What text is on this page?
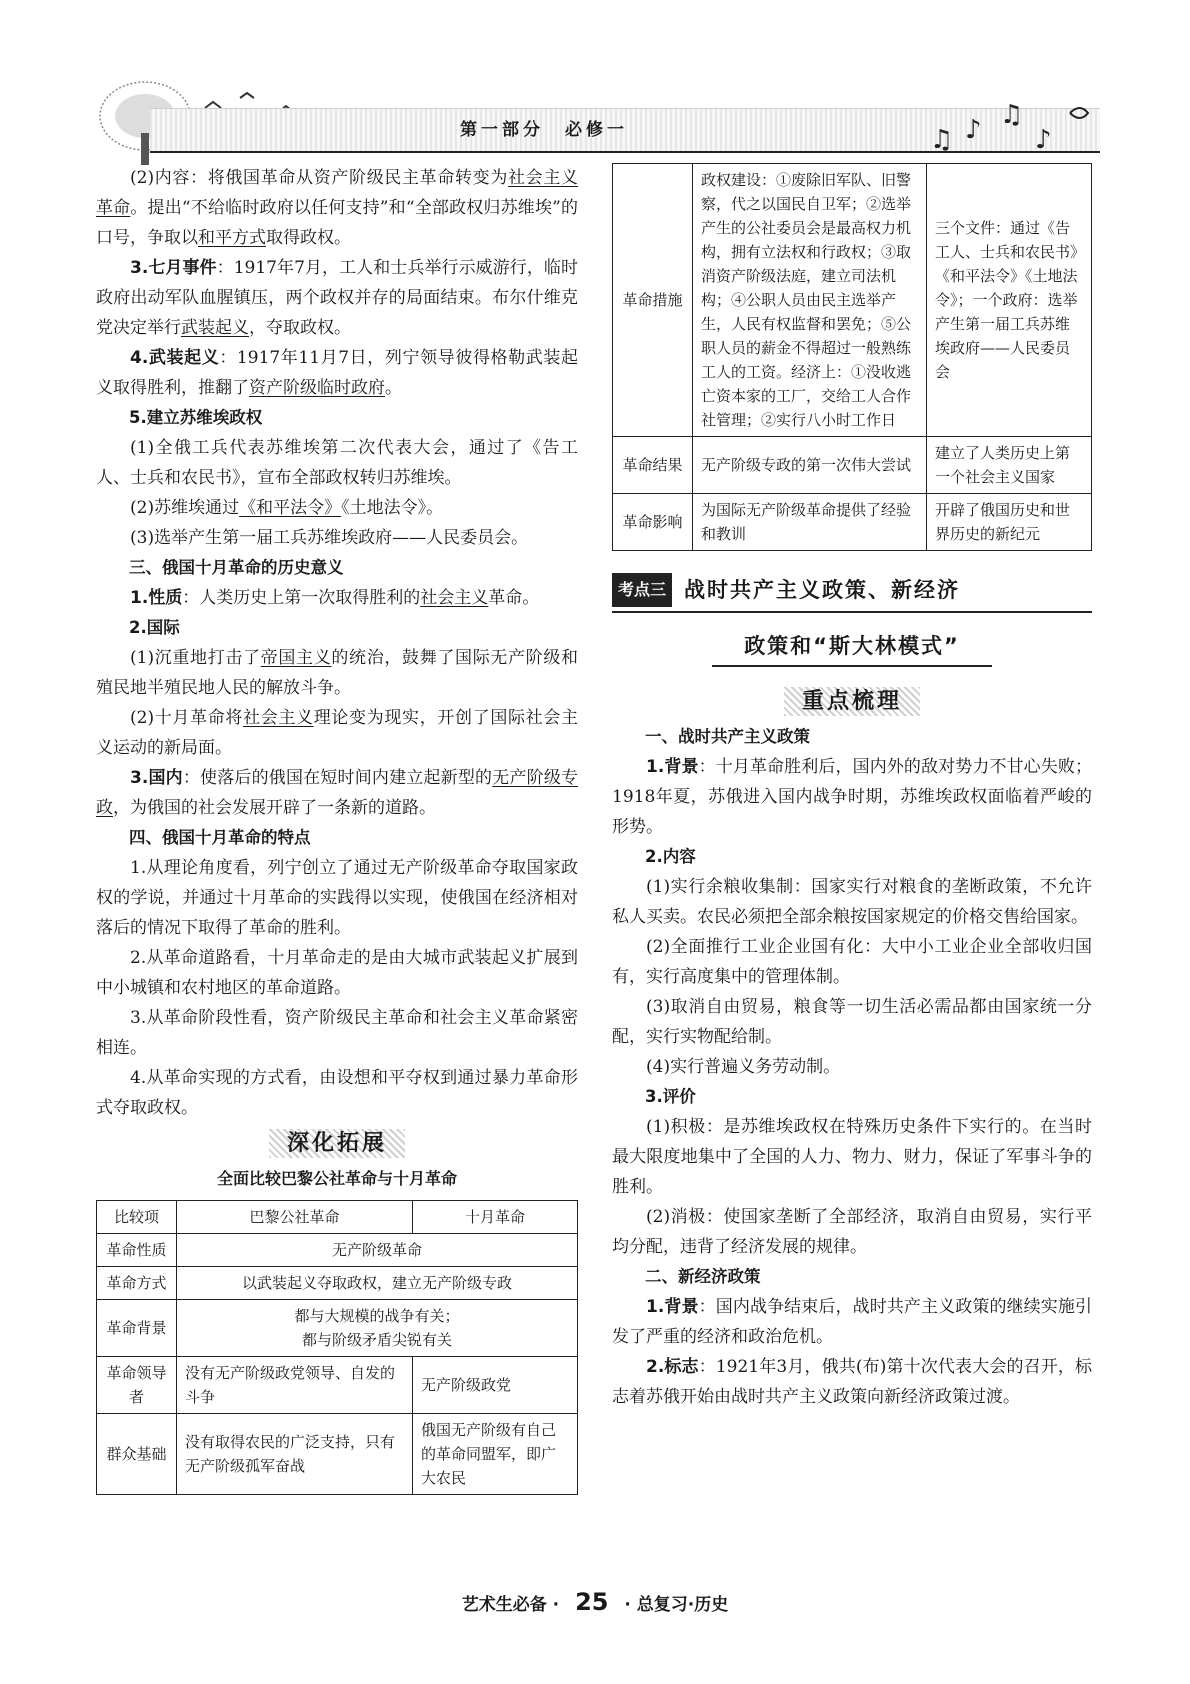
第一部分　必修一	♫ ♪ ♫
♪

(2)内容：将俄国革命从资产阶级民主革命转变为社会主义革命。提出“不给临时政府以任何支持”和“全部政权归苏维埃”的口号，争取以和平方式取得政权。

3.七月事件：1917年7月，工人和士兵举行示威游行，临时政府出动军队血腥镇压，两个政权并存的局面结束。布尔什维克党决定举行武装起义，夺取政权。

4.武装起义：1917年11月7日，列宁领导彼得格勒武装起义取得胜利，推翻了资产阶级临时政府。

5.建立苏维埃政权

(1)全俄工兵代表苏维埃第二次代表大会，通过了《告工人、士兵和农民书》，宣布全部政权转归苏维埃。

(2)苏维埃通过《和平法令》《土地法令》。

(3)选举产生第一届工兵苏维埃政府——人民委员会。

三、俄国十月革命的历史意义

1.性质：人类历史上第一次取得胜利的社会主义革命。

2.国际

(1)沉重地打击了帝国主义的统治，鼓舞了国际无产阶级和殖民地半殖民地人民的解放斗争。

(2)十月革命将社会主义理论变为现实，开创了国际社会主义运动的新局面。

3.国内：使落后的俄国在短时间内建立起新型的无产阶级专政，为俄国的社会发展开辟了一条新的道路。

四、俄国十月革命的特点

1.从理论角度看，列宁创立了通过无产阶级革命夺取国家政权的学说，并通过十月革命的实践得以实现，使俄国在经济相对落后的情况下取得了革命的胜利。

2.从革命道路看，十月革命走的是由大城市武装起义扩展到中小城镇和农村地区的革命道路。

3.从革命阶段性看，资产阶级民主革命和社会主义革命紧密相连。

4.从革命实现的方式看，由设想和平夺权到通过暴力革命形式夺取政权。

深化拓展
全面比较巴黎公社革命与十月革命
比较项	巴黎公社革命	十月革命
革命性质	无产阶级革命	
革命方式	以武装起义夺取政权，建立无产阶级专政	
革命背景	都与大规模的战争有关；
都与阶级矛盾尖锐有关	

革命领导者	没有无产阶级政党领导、自发的斗争	无产阶级政党
群众基础	没有取得农民的广泛支持，只有无产阶级孤军奋战	俄国无产阶级有自己的革命同盟军，即广大农民
革命措施	政权建设：①废除旧军队、旧警察，代之以国民自卫军；②选举产生的公社委员会是最高权力机构，拥有立法权和行政权；③取消资产阶级法庭，建立司法机构；④公职人员由民主选举产生，人民有权监督和罢免；⑤公职人员的薪金不得超过一般熟练工人的工资。经济上：①没收逃亡资本家的工厂，交给工人合作社管理；②实行八小时工作日	三个文件：通过《告工人、士兵和农民书》《和平法令》《土地法令》；一个政府：选举产生第一届工兵苏维埃政府——人民委员会
革命结果	无产阶级专政的第一次伟大尝试	建立了人类历史上第一个社会主义国家
革命影响	为国际无产阶级革命提供了经验和教训	开辟了俄国历史和世界历史的新纪元
考点三 战时共产主义政策、新经济
政策和“斯大林模式”
重点梳理

一、战时共产主义政策

1.背景：十月革命胜利后，国内外的敌对势力不甘心失败；1918年夏，苏俄进入国内战争时期，苏维埃政权面临着严峻的形势。

2.内容

(1)实行余粮收集制：国家实行对粮食的垄断政策，不允许私人买卖。农民必须把全部余粮按国家规定的价格交售给国家。

(2)全面推行工业企业国有化：大中小工业企业全部收归国有，实行高度集中的管理体制。

(3)取消自由贸易，粮食等一切生活必需品都由国家统一分配，实行实物配给制。

(4)实行普遍义务劳动制。

3.评价

(1)积极：是苏维埃政权在特殊历史条件下实行的。在当时最大限度地集中了全国的人力、物力、财力，保证了军事斗争的胜利。

(2)消极：使国家垄断了全部经济，取消自由贸易，实行平均分配，违背了经济发展的规律。

二、新经济政策

1.背景：国内战争结束后，战时共产主义政策的继续实施引发了严重的经济和政治危机。

2.标志：1921年3月，俄共(布)第十次代表大会的召开，标志着苏俄开始由战时共产主义政策向新经济政策过渡。

艺术生必备 · 25 · 总复习·历史
